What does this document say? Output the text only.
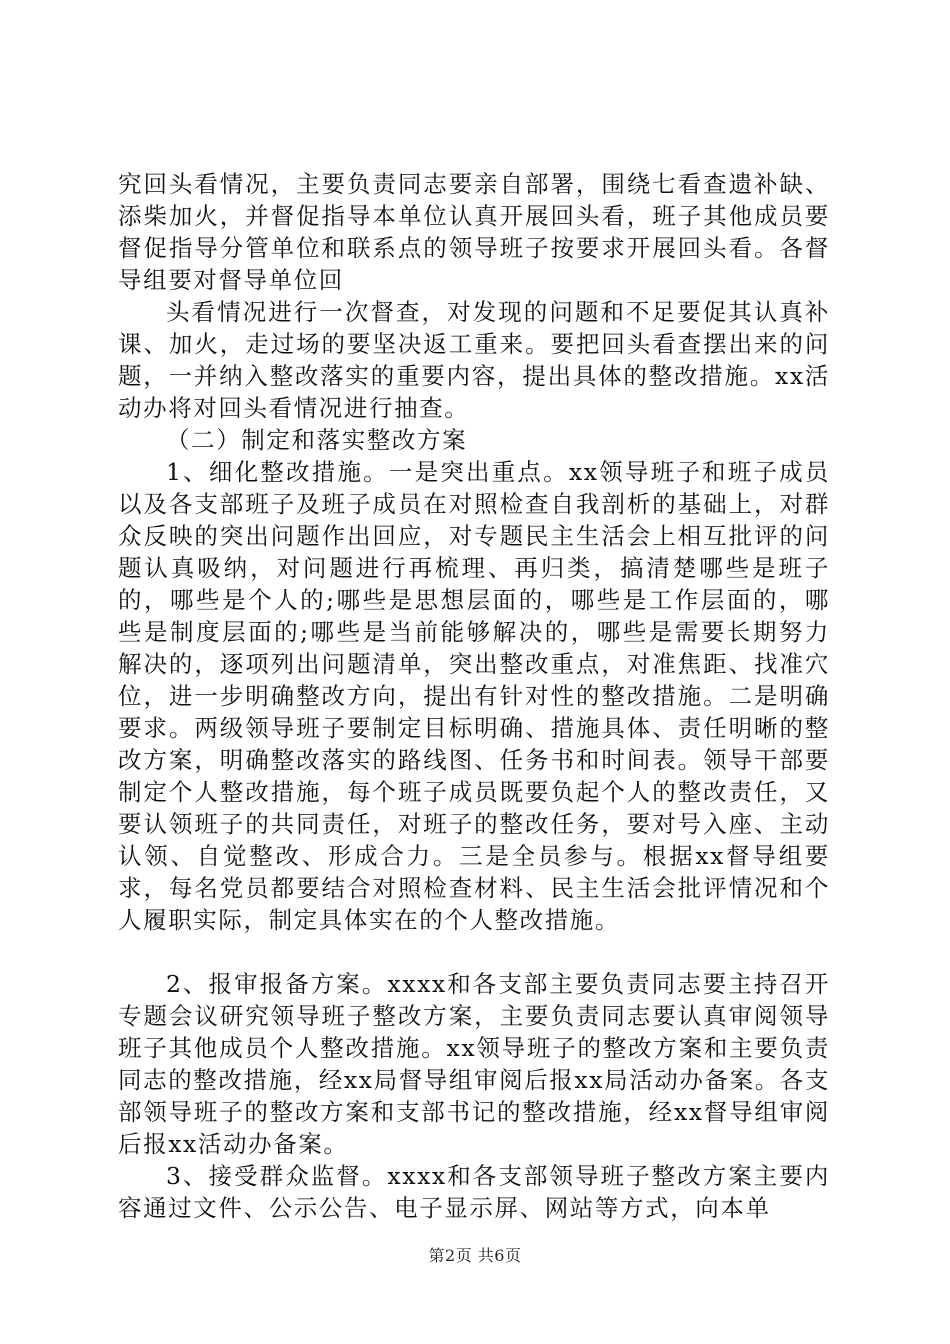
究回头看情况，主要负责同志要亲自部署，围绕七看查遗补缺、添柴加火，并督促指导本单位认真开展回头看，班子其他成员要督促指导分管单位和联系点的领导班子按要求开展回头看。各督导组要对督导单位回

头看情况进行一次督查，对发现的问题和不足要促其认真补课、加火，走过场的要坚决返工重来。要把回头看查摆出来的问题，一并纳入整改落实的重要内容，提出具体的整改措施。xx活动办将对回头看情况进行抽查。

（二）制定和落实整改方案

1、细化整改措施。一是突出重点。xx领导班子和班子成员以及各支部班子及班子成员在对照检查自我剖析的基础上，对群众反映的突出问题作出回应，对专题民主生活会上相互批评的问题认真吸纳，对问题进行再梳理、再归类，搞清楚哪些是班子的，哪些是个人的;哪些是思想层面的，哪些是工作层面的，哪些是制度层面的;哪些是当前能够解决的，哪些是需要长期努力解决的，逐项列出问题清单，突出整改重点，对准焦距、找准穴位，进一步明确整改方向，提出有针对性的整改措施。二是明确要求。两级领导班子要制定目标明确、措施具体、责任明晰的整改方案，明确整改落实的路线图、任务书和时间表。领导干部要制定个人整改措施，每个班子成员既要负起个人的整改责任，又要认领班子的共同责任，对班子的整改任务，要对号入座、主动认领、自觉整改、形成合力。三是全员参与。根据xx督导组要求，每名党员都要结合对照检查材料、民主生活会批评情况和个人履职实际，制定具体实在的个人整改措施。

2、报审报备方案。xxxx和各支部主要负责同志要主持召开专题会议研究领导班子整改方案，主要负责同志要认真审阅领导班子其他成员个人整改措施。xx领导班子的整改方案和主要负责同志的整改措施，经xx局督导组审阅后报xx局活动办备案。各支部领导班子的整改方案和支部书记的整改措施，经xx督导组审阅后报xx活动办备案。

3、接受群众监督。xxxx和各支部领导班子整改方案主要内容通过文件、公示公告、电子显示屏、网站等方式，向本单

第2页 共6页
